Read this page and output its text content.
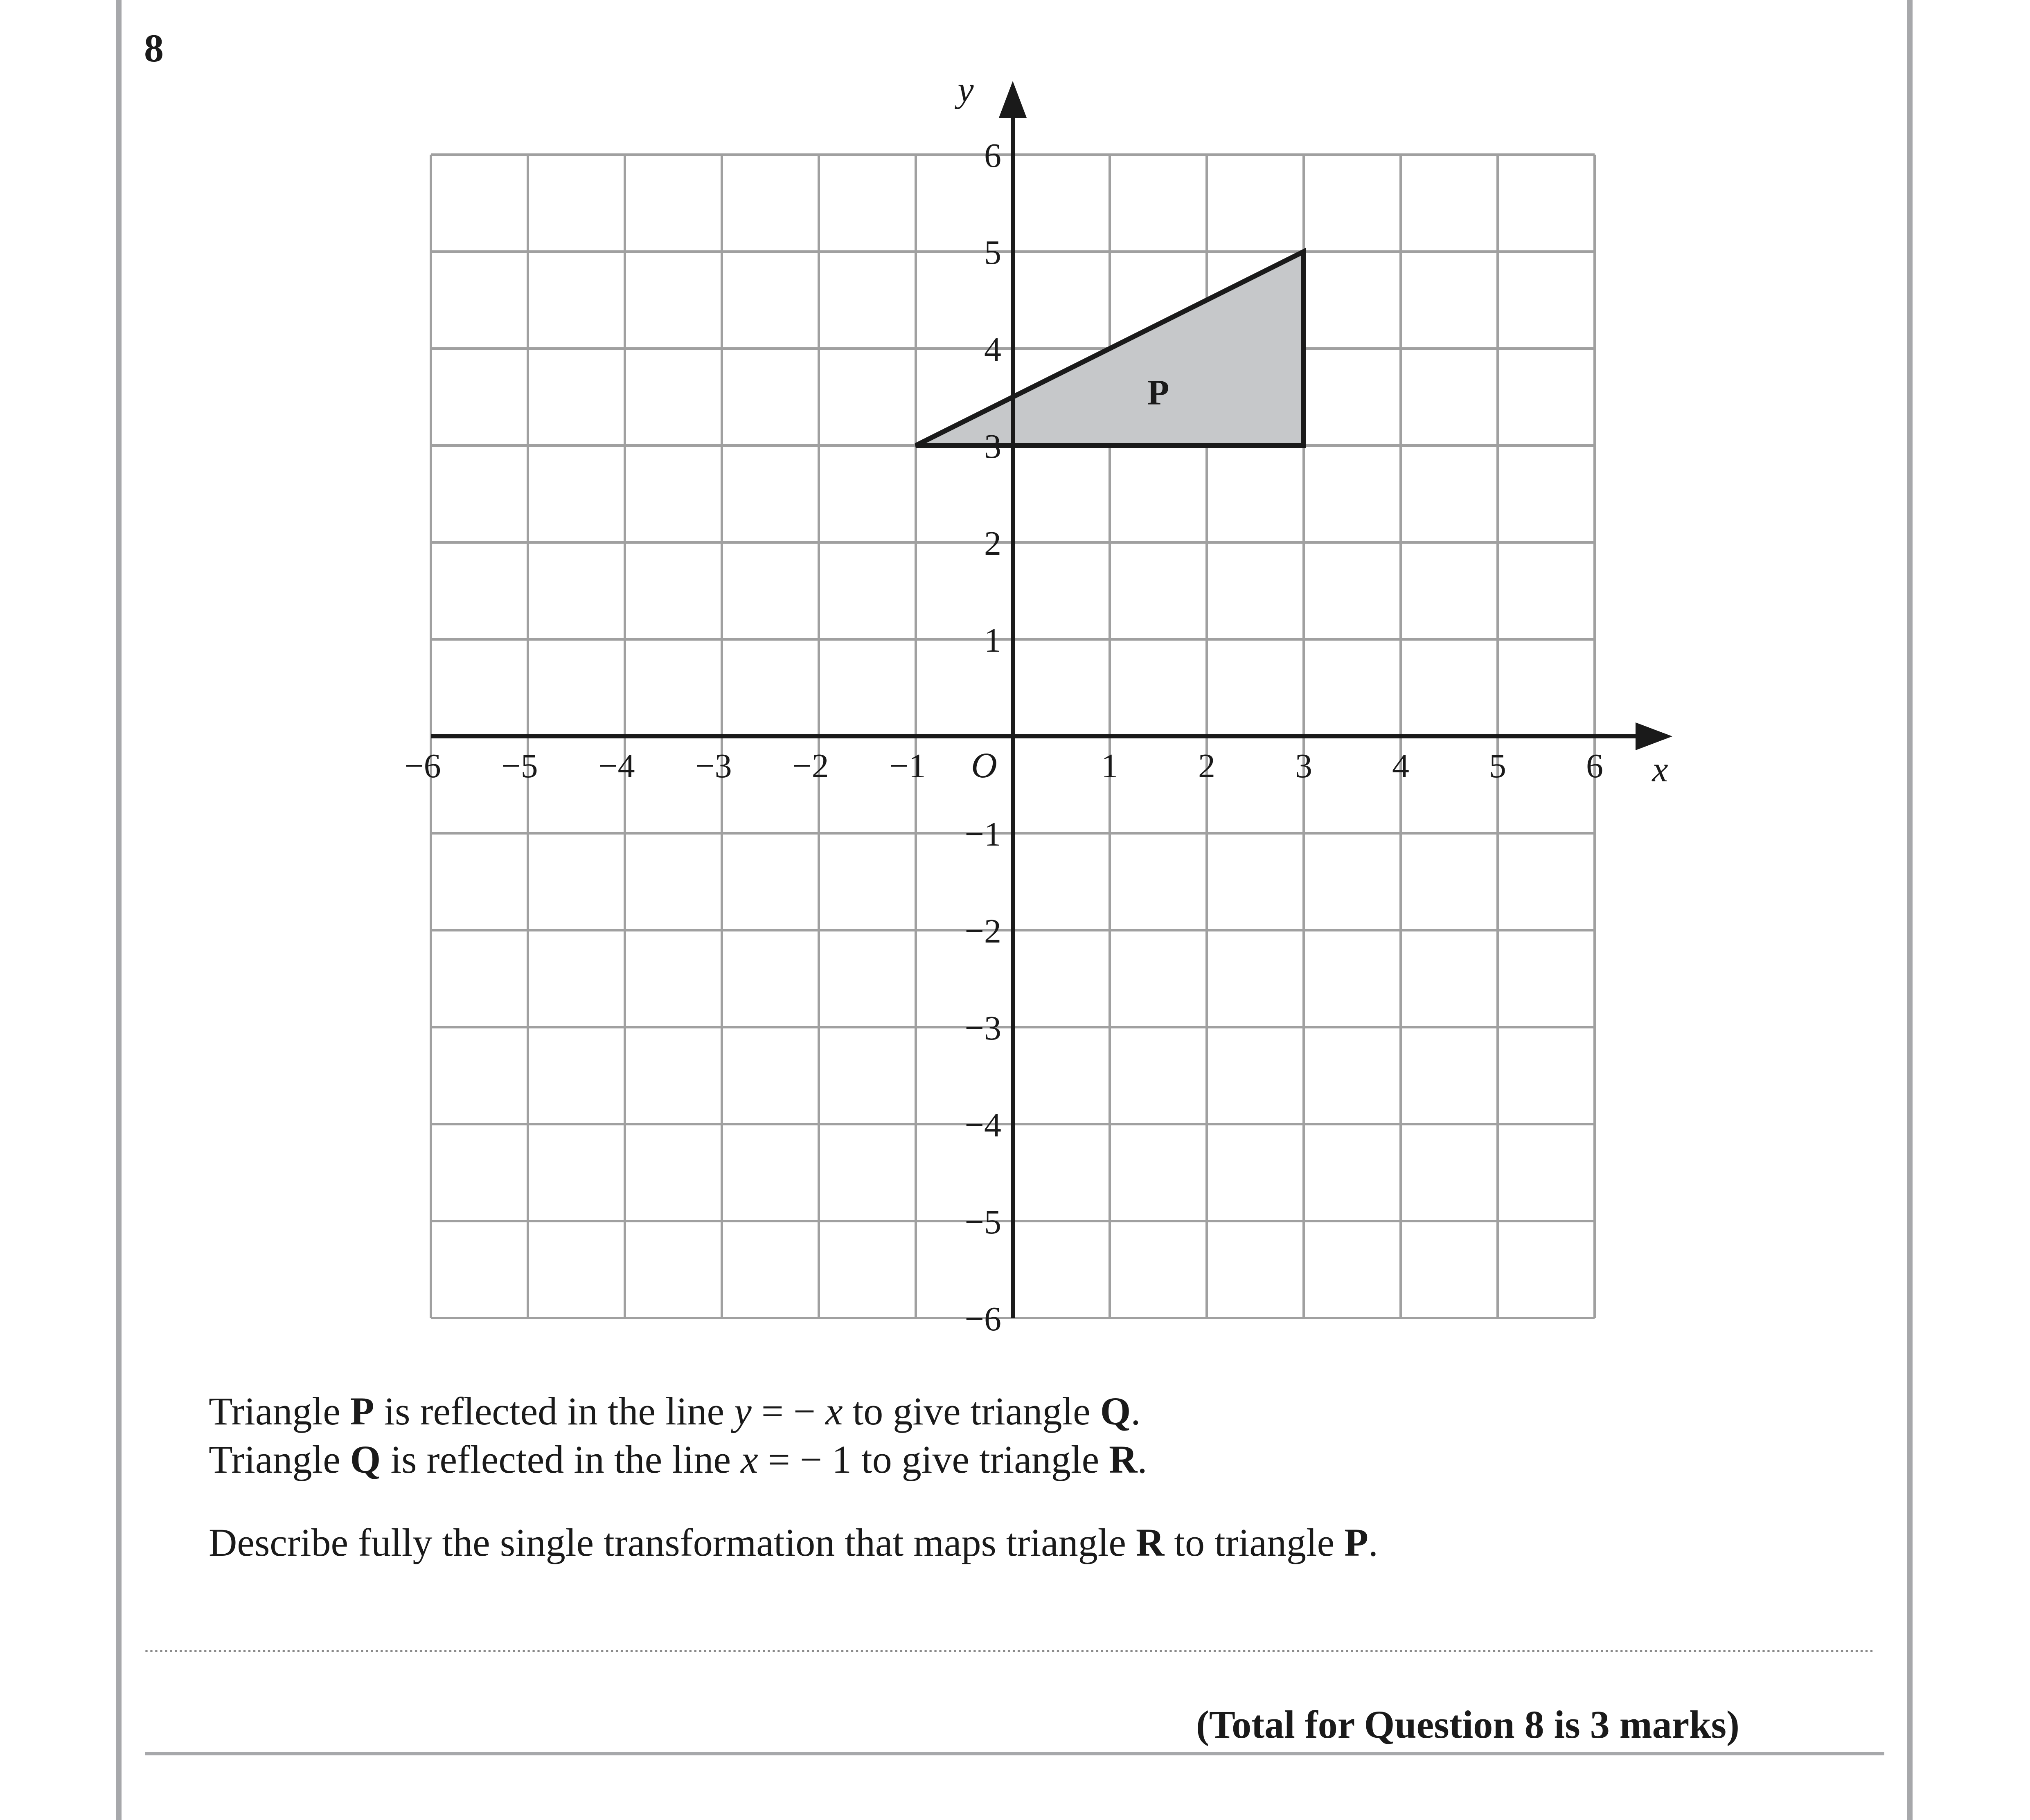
8
P
−6 −5 −4 −3 −2 −1	1 2 3 4 5 6
6
5
4
3
2
1
−1
−2
−3
−4
−5
−6
O	x
y
Triangle P is reflected in the line y = − x to give triangle Q.
Triangle Q is reflected in the line x = − 1 to give triangle R.
Describe fully the single transformation that maps triangle R to triangle P.
(Total for Question 8 is 3 marks)
